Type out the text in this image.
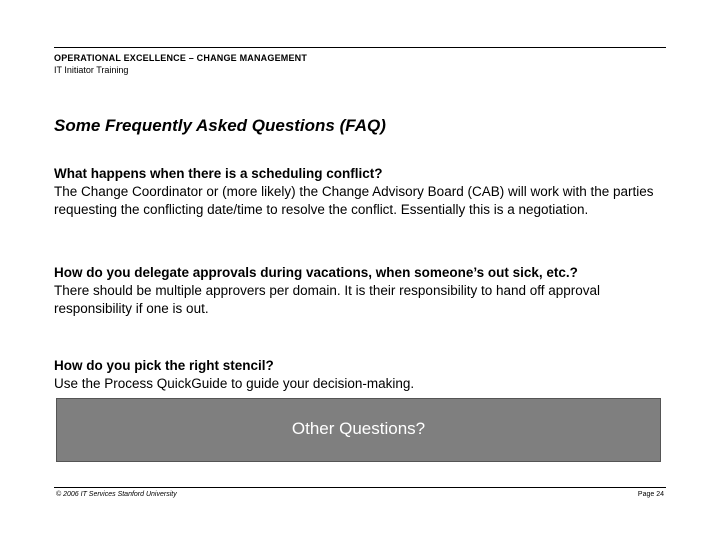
OPERATIONAL EXCELLENCE – CHANGE MANAGEMENT
IT Initiator Training
Some Frequently Asked Questions (FAQ)
What happens when there is a scheduling conflict?
The Change Coordinator or (more likely) the Change Advisory Board (CAB) will work with the parties requesting the conflicting date/time to resolve the conflict. Essentially this is a negotiation.
How do you delegate approvals during vacations, when someone’s out sick, etc.?
There should be multiple approvers per domain. It is their responsibility to hand off approval responsibility if one is out.
How do you pick the right stencil?
Use the Process QuickGuide to guide your decision-making.
Other Questions?
© 2006 IT Services Stanford University	Page 24
